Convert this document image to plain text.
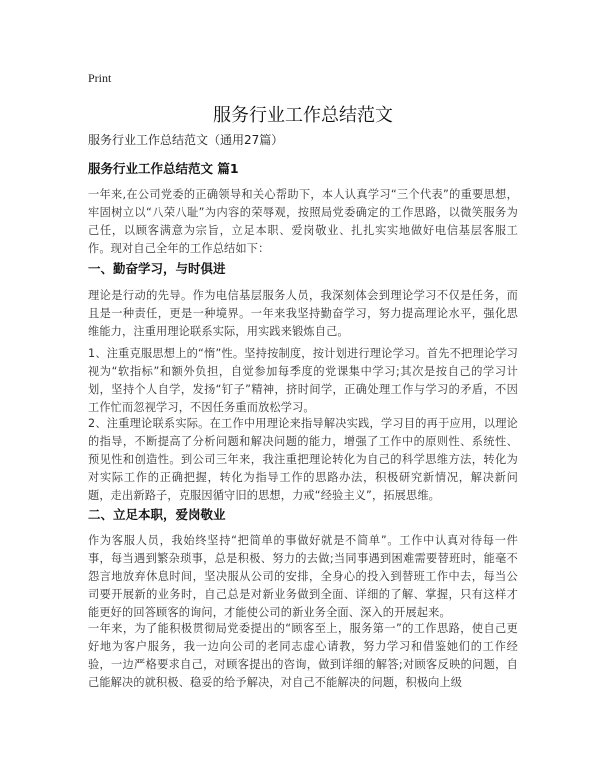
Print
服务行业工作总结范文

服务行业工作总结范文（通用27篇）

服务行业工作总结范文 篇1

一年来,在公司党委的正确领导和关心帮助下，本人认真学习“三个代表”的重要思想，牢固树立以“八荣八耻”为内容的荣辱观，按照局党委确定的工作思路，以微笑服务为己任，以顾客满意为宗旨，立足本职、爱岗敬业、扎扎实实地做好电信基层客服工作。现对自己全年的工作总结如下：

一、勤奋学习，与时俱进

理论是行动的先导。作为电信基层服务人员，我深刻体会到理论学习不仅是任务，而且是一种责任，更是一种境界。一年来我坚持勤奋学习，努力提高理论水平，强化思维能力，注重用理论联系实际，用实践来锻炼自己。

1、注重克服思想上的“惰”性。坚持按制度，按计划进行理论学习。首先不把理论学习视为“软指标”和额外负担，自觉参加每季度的党课集中学习;其次是按自己的学习计划，坚持个人自学，发扬“钉子”精神，挤时间学，正确处理工作与学习的矛盾，不因工作忙而忽视学习，不因任务重而放松学习。

2、注重理论联系实际。在工作中用理论来指导解决实践，学习目的再于应用，以理论的指导，不断提高了分析问题和解决问题的能力，增强了工作中的原则性、系统性、预见性和创造性。到公司三年来，我注重把理论转化为自己的科学思维方法，转化为对实际工作的正确把握，转化为指导工作的思路办法，积极研究新情况，解决新问题，走出新路子，克服因循守旧的思想，力戒“经验主义”，拓展思维。

二、立足本职，爱岗敬业

作为客服人员，我始终坚持“把简单的事做好就是不简单”。工作中认真对待每一件事，每当遇到繁杂琐事，总是积极、努力的去做;当同事遇到困难需要替班时，能毫不怨言地放弃休息时间，坚决服从公司的安排，全身心的投入到替班工作中去，每当公司要开展新的业务时，自己总是对新业务做到全面、详细的了解、掌握，只有这样才能更好的回答顾客的询问，才能使公司的新业务全面、深入的开展起来。

一年来，为了能积极贯彻局党委提出的“顾客至上，服务第一”的工作思路，使自己更好地为客户服务，我一边向公司的老同志虚心请教，努力学习和借鉴她们的工作经验，一边严格要求自己，对顾客提出的咨询，做到详细的解答;对顾客反映的问题，自己能解决的就积极、稳妥的给予解决，对自己不能解决的问题，积极向上级
